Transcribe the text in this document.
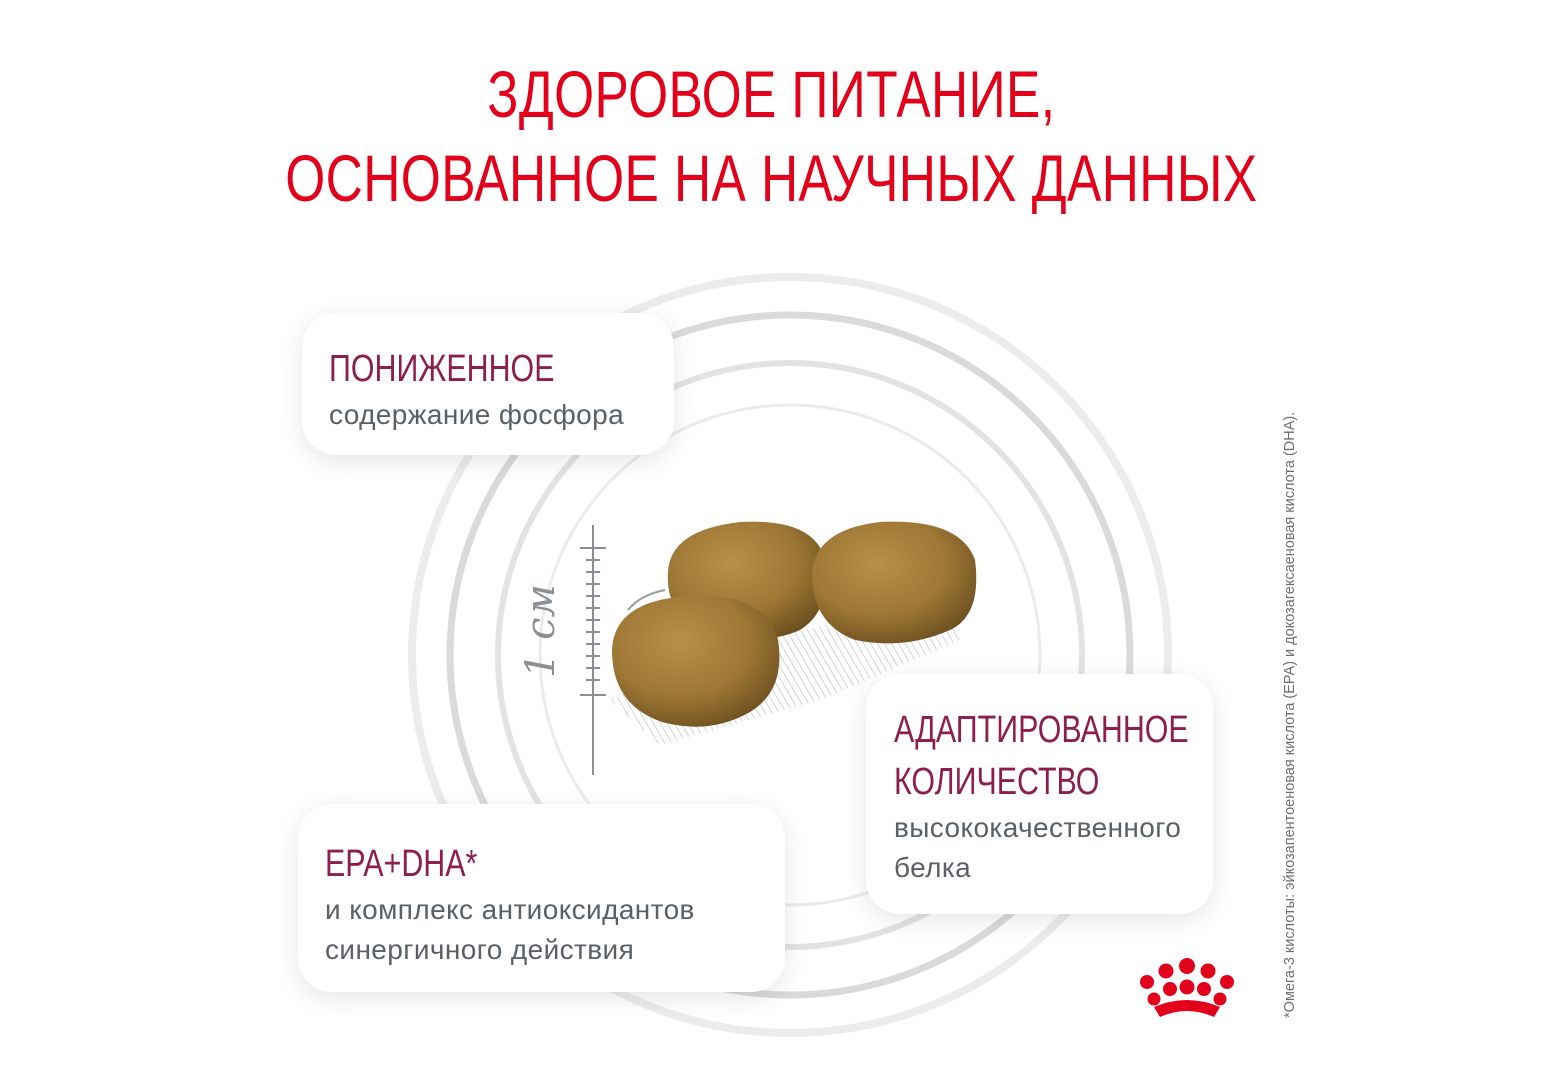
1 см
ЗДОРОВОЕ ПИТАНИЕ,
ОСНОВАННОЕ НА НАУЧНЫХ ДАННЫХ
ПОНИЖЕННОЕ
содержание фосфора
АДАПТИРОВАННОЕ
КОЛИЧЕСТВО
высококачественного
белка
EPA+DHA*
и комплекс антиоксидантов
синергичного действия	*Омега-3 кислоты: эйкозапентоеновая кислота (EPA) и докозагексаеновая кислота (DHA).
